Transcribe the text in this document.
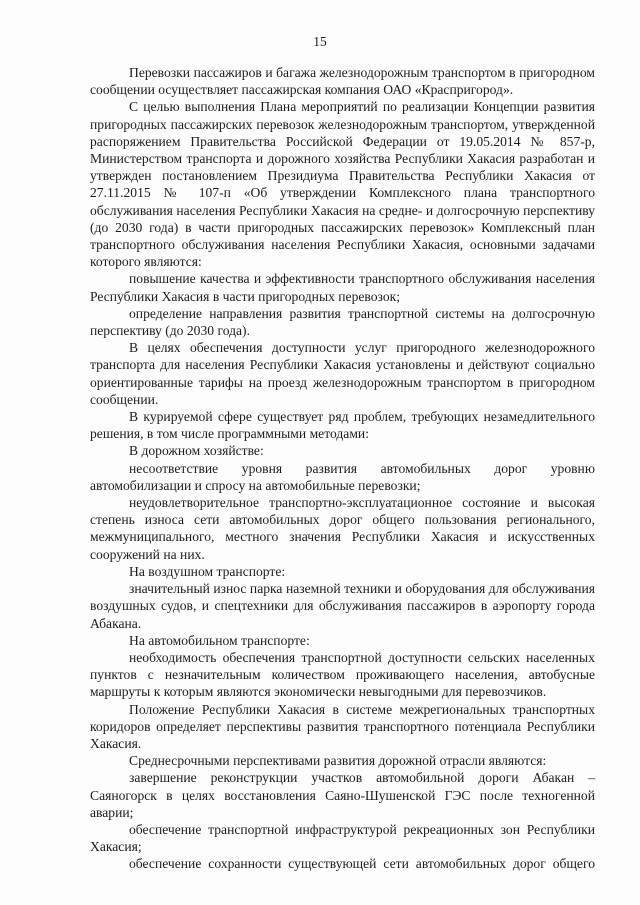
15

Перевозки пассажиров и багажа железнодорожным транспортом в пригородном сообщении осуществляет пассажирская компания ОАО «Краспригород».

С целью выполнения Плана мероприятий по реализации Концепции развития пригородных пассажирских перевозок железнодорожным транспортом, утвержденной распоряжением Правительства Российской Федерации от 19.05.2014 № 857-р, Министерством транспорта и дорожного хозяйства Республики Хакасия разработан и утвержден постановлением Президиума Правительства Республики Хакасия от 27.11.2015 № 107-п «Об утверждении Комплексного плана транспортного обслуживания населения Республики Хакасия на средне- и долгосрочную перспективу (до 2030 года) в части пригородных пассажирских перевозок» Комплексный план транспортного обслуживания населения Республики Хакасия, основными задачами которого являются:

повышение качества и эффективности транспортного обслуживания населения Республики Хакасия в части пригородных перевозок;

определение направления развития транспортной системы на долгосрочную перспективу (до 2030 года).

В целях обеспечения доступности услуг пригородного железнодорожного транспорта для населения Республики Хакасия установлены и действуют социально ориентированные тарифы на проезд железнодорожным транспортом в пригородном сообщении.

В курируемой сфере существует ряд проблем, требующих незамедлительного решения, в том числе программными методами:

В дорожном хозяйстве:

несоответствие уровня развития автомобильных дорог уровню автомобилизации и спросу на автомобильные перевозки;

неудовлетворительное транспортно-эксплуатационное состояние и высокая степень износа сети автомобильных дорог общего пользования регионального, межмуниципального, местного значения Республики Хакасия и искусственных сооружений на них.

На воздушном транспорте:

значительный износ парка наземной техники и оборудования для обслуживания воздушных судов, и спецтехники для обслуживания пассажиров в аэропорту города Абакана.

На автомобильном транспорте:

необходимость обеспечения транспортной доступности сельских населенных пунктов с незначительным количеством проживающего населения, автобусные маршруты к которым являются экономически невыгодными для перевозчиков.

Положение Республики Хакасия в системе межрегиональных транспортных коридоров определяет перспективы развития транспортного потенциала Республики Хакасия.

Среднесрочными перспективами развития дорожной отрасли являются:

завершение реконструкции участков автомобильной дороги Абакан – Саяногорск в целях восстановления Саяно-Шушенской ГЭС после техногенной аварии;

обеспечение транспортной инфраструктурой рекреационных зон Республики Хакасия;

обеспечение сохранности существующей сети автомобильных дорог общего
